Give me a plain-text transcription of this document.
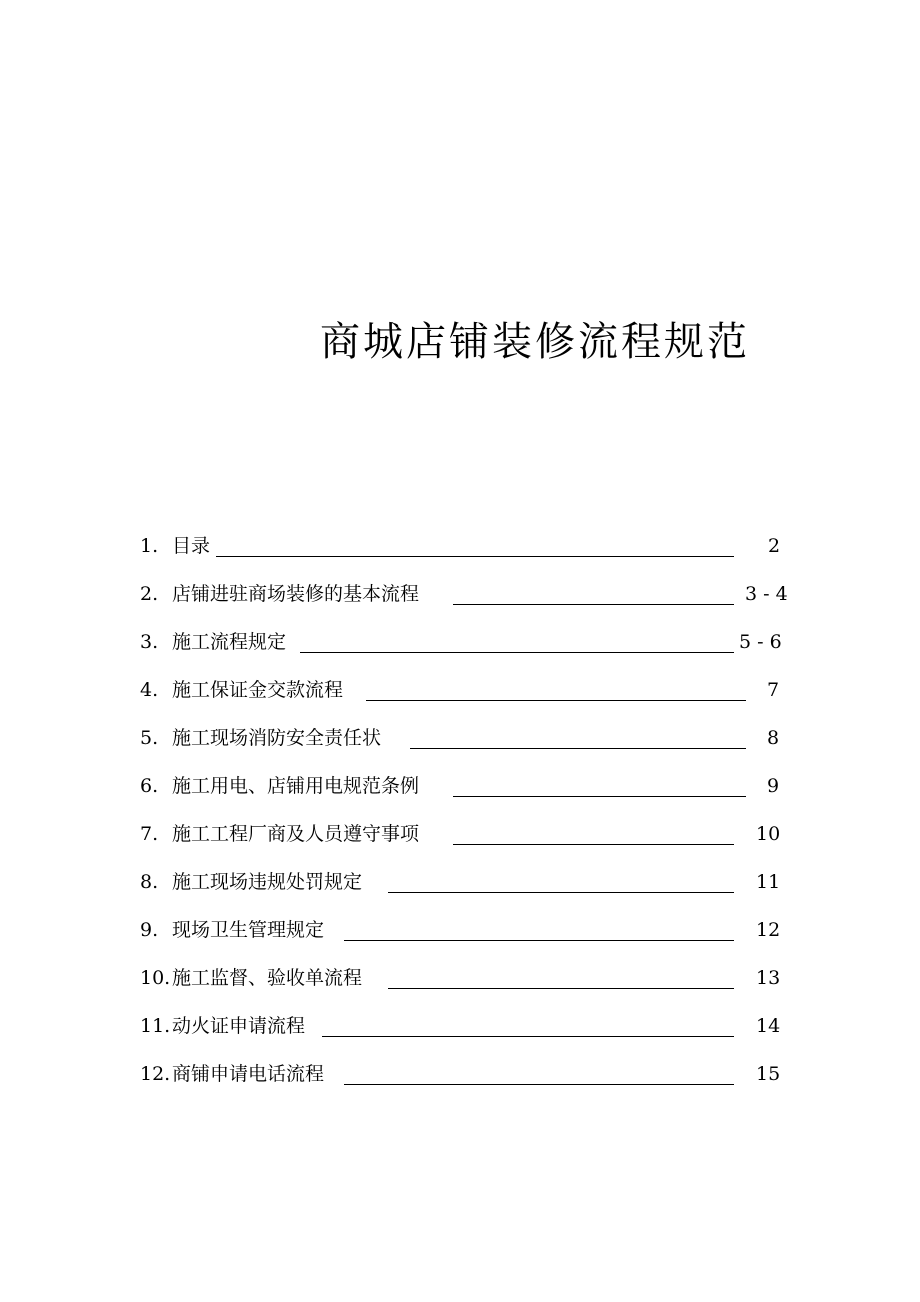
商城店铺装修流程规范
1. 目录	2
2. 店铺进驻商场装修的基本流程	3 - 4
3. 施工流程规定	5 - 6
4. 施工保证金交款流程	7
5. 施工现场消防安全责任状	8
6. 施工用电、店铺用电规范条例	9
7. 施工工程厂商及人员遵守事项	10
8. 施工现场违规处罚规定	11
9. 现场卫生管理规定	12
10. 施工监督、验收单流程	13
11. 动火证申请流程	14
12. 商铺申请电话流程	15
